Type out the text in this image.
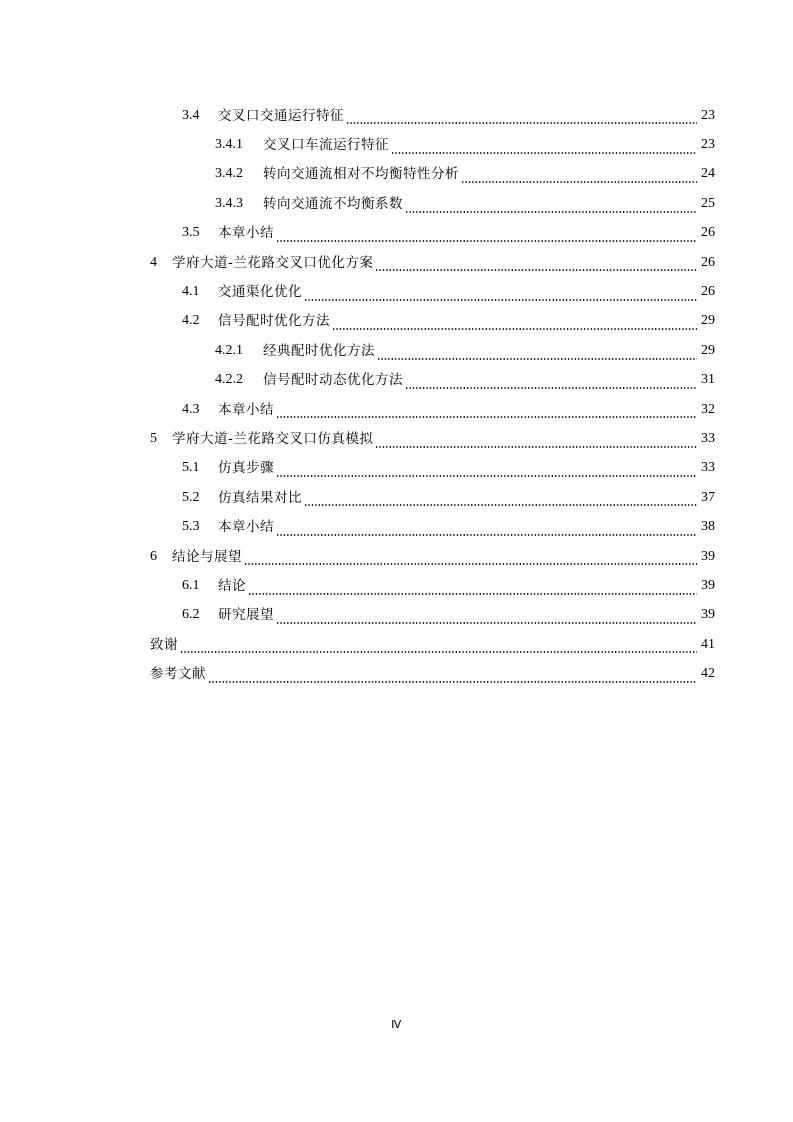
3.4	交叉口交通运行特征	23
3.4.1	交叉口车流运行特征	23
3.4.2	转向交通流相对不均衡特性分析	24
3.4.3	转向交通流不均衡系数	25
3.5	本章小结	26
4	学府大道-兰花路交叉口优化方案	26
4.1	交通渠化优化	26
4.2	信号配时优化方法	29
4.2.1	经典配时优化方法	29
4.2.2	信号配时动态优化方法	31
4.3	本章小结	32
5	学府大道-兰花路交叉口仿真模拟	33
5.1	仿真步骤	33
5.2	仿真结果对比	37
5.3	本章小结	38
6	结论与展望	39
6.1	结论	39
6.2	研究展望	39
致谢	41
参考文献	42
Ⅳ
